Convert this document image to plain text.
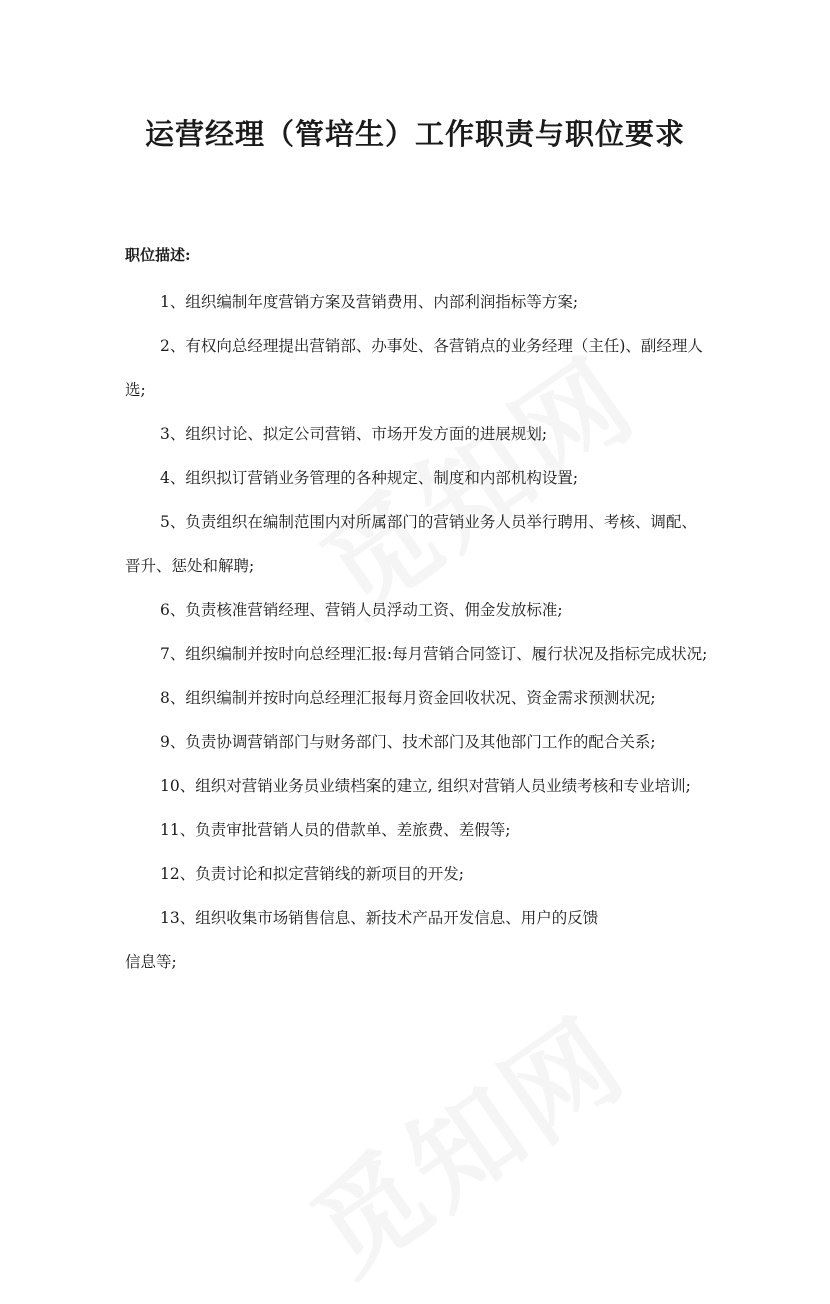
运营经理（管培生）工作职责与职位要求

职位描述:

1、组织编制年度营销方案及营销费用、内部利润指标等方案;
2、有权向总经理提出营销部、办事处、各营销点的业务经理（主任)、副经理人选;
3、组织讨论、拟定公司营销、市场开发方面的进展规划;
4、组织拟订营销业务管理的各种规定、制度和内部机构设置;
5、负责组织在编制范围内对所属部门的营销业务人员举行聘用、考核、调配、晋升、惩处和解聘;
6、负责核准营销经理、营销人员浮动工资、佣金发放标准;
7、组织编制并按时向总经理汇报:每月营销合同签订、履行状况及指标完成状况;
8、组织编制并按时向总经理汇报每月资金回收状况、资金需求预测状况;
9、负责协调营销部门与财务部门、技术部门及其他部门工作的配合关系;
10、组织对营销业务员业绩档案的建立, 组织对营销人员业绩考核和专业培训;
11、负责审批营销人员的借款单、差旅费、差假等;
12、负责讨论和拟定营销线的新项目的开发;
13、组织收集市场销售信息、新技术产品开发信息、用户的反馈
信息等;
